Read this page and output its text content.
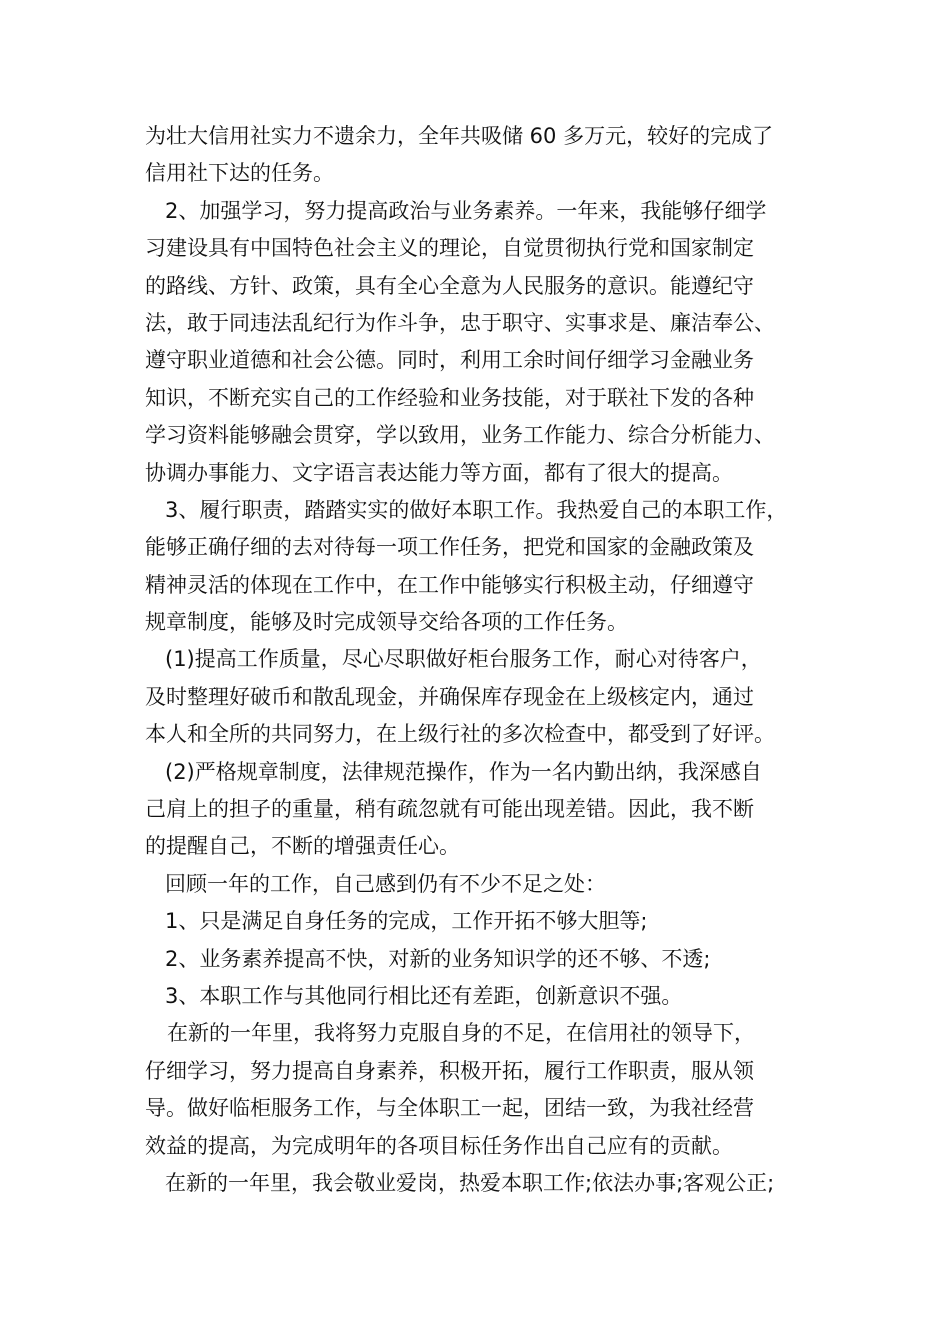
为壮大信用社实力不遗余力，全年共吸储 60 多万元，较好的完成了
信用社下达的任务。
2、加强学习，努力提高政治与业务素养。一年来，我能够仔细学
习建设具有中国特色社会主义的理论，自觉贯彻执行党和国家制定
的路线、方针、政策，具有全心全意为人民服务的意识。能遵纪守
法，敢于同违法乱纪行为作斗争，忠于职守、实事求是、廉洁奉公、
遵守职业道德和社会公德。同时，利用工余时间仔细学习金融业务
知识，不断充实自己的工作经验和业务技能，对于联社下发的各种
学习资料能够融会贯穿，学以致用，业务工作能力、综合分析能力、
协调办事能力、文字语言表达能力等方面，都有了很大的提高。
3、履行职责，踏踏实实的做好本职工作。我热爱自己的本职工作，
能够正确仔细的去对待每一项工作任务，把党和国家的金融政策及
精神灵活的体现在工作中，在工作中能够实行积极主动，仔细遵守
规章制度，能够及时完成领导交给各项的工作任务。
(1)提高工作质量，尽心尽职做好柜台服务工作，耐心对待客户，
及时整理好破币和散乱现金，并确保库存现金在上级核定内，通过
本人和全所的共同努力，在上级行社的多次检查中，都受到了好评。
(2)严格规章制度，法律规范操作，作为一名内勤出纳，我深感自
己肩上的担子的重量，稍有疏忽就有可能出现差错。因此，我不断
的提醒自己，不断的增强责任心。
回顾一年的工作，自己感到仍有不少不足之处：
1、只是满足自身任务的完成，工作开拓不够大胆等;
2、业务素养提高不快，对新的业务知识学的还不够、不透;
3、本职工作与其他同行相比还有差距，创新意识不强。
在新的一年里，我将努力克服自身的不足，在信用社的领导下，
仔细学习，努力提高自身素养，积极开拓，履行工作职责，服从领
导。做好临柜服务工作，与全体职工一起，团结一致，为我社经营
效益的提高，为完成明年的各项目标任务作出自己应有的贡献。
在新的一年里，我会敬业爱岗，热爱本职工作;依法办事;客观公正;
